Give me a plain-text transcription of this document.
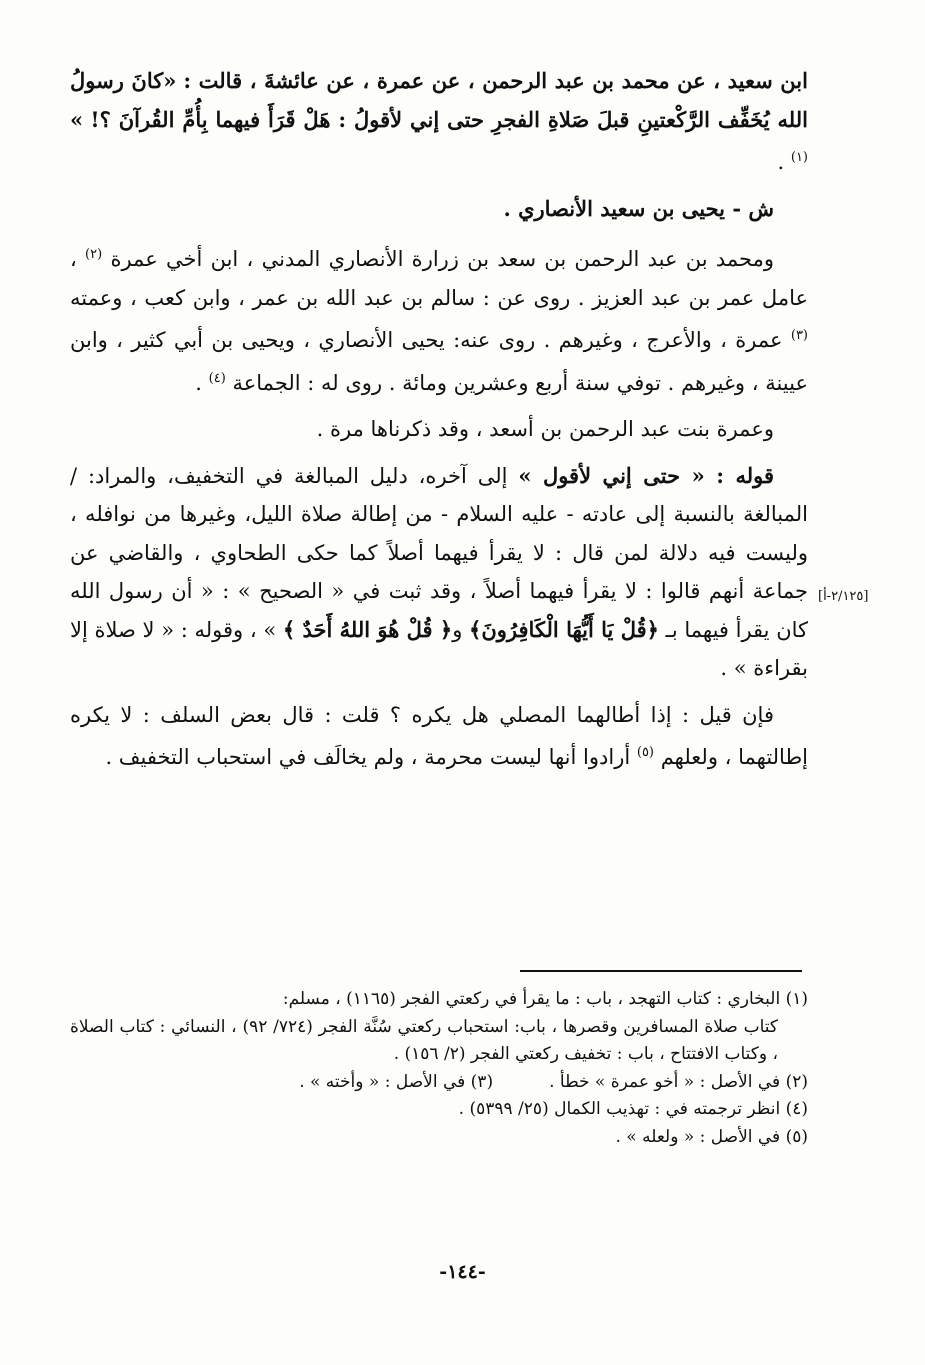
ابن سعيد ، عن محمد بن عبد الرحمن ، عن عمرة ، عن عائشةَ ، قالت : «كانَ رسولُ الله يُخَفِّف الرَّكْعتينِ قبلَ صَلاةِ الفجرِ حتى إني لأقولُ : هَلْ قَرَأَ فيهما بِأُمِّ القُرآنَ ؟! » $^{(١)}$ .

ش - يحيى بن سعيد الأنصاري .

ومحمد بن عبد الرحمن بن سعد بن زرارة الأنصاري المدني ، ابن أخي عمرة $^{(٢)}$ ، عامل عمر بن عبد العزيز . روى عن : سالم بن عبد الله بن عمر ، وابن كعب ، وعمته $^{(٣)}$ عمرة ، والأعرج ، وغيرهم . روى عنه: يحيى الأنصاري ، ويحيى بن أبي كثير ، وابن عيينة ، وغيرهم . توفي سنة أربع وعشرين ومائة . روى له : الجماعة $^{(٤)}$ .

وعمرة بنت عبد الرحمن بن أسعد ، وقد ذكرناها مرة .

قوله : « حتى إني لأقول » إلى آخره، دليل المبالغة في التخفيف، والمراد: / المبالغة بالنسبة إلى عادته - عليه السلام - من إطالة صلاة الليل، وغيرها من نوافله ، وليست فيه دلالة لمن قال : لا يقرأ فيهما أصلاً كما حكى الطحاوي ، والقاضي عن جماعة أنهم قالوا : لا يقرأ فيهما أصلاً ، وقد ثبت في « الصحيح » : « أن رسول الله كان يقرأ فيهما بـ ﴿قُلْ يَا أَيُّهَا الْكَافِرُونَ﴾ و﴿ قُلْ هُوَ اللهُ أَحَدٌ ﴾ » ، وقوله : « لا صلاة إلا بقراءة » .

فإن قيل : إذا أطالهما المصلي هل يكره ؟ قلت : قال بعض السلف : لا يكره إطالتهما ، ولعلهم $^{(٥)}$ أرادوا أنها ليست محرمة ، ولم يخالَف في استحباب التخفيف .

[٢/١٢٥-أ]

(١) البخاري : كتاب التهجد ، باب : ما يقرأ في ركعتي الفجر (١١٦٥) ، مسلم:

كتاب صلاة المسافرين وقصرها ، باب: استحباب ركعتي سُنَّة الفجر (٧٢٤/ ٩٢) ، النسائي : كتاب الصلاة ، وكتاب الافتتاح ، باب : تخفيف ركعتي الفجر (٢/ ١٥٦) .

(٢) في الأصل : « أخو عمرة » خطأ .
(٣) في الأصل : « وأخته » .

(٤) انظر ترجمته في : تهذيب الكمال (٢٥/ ٥٣٩٩) .

(٥) في الأصل : « ولعله » .

-١٤٤-
